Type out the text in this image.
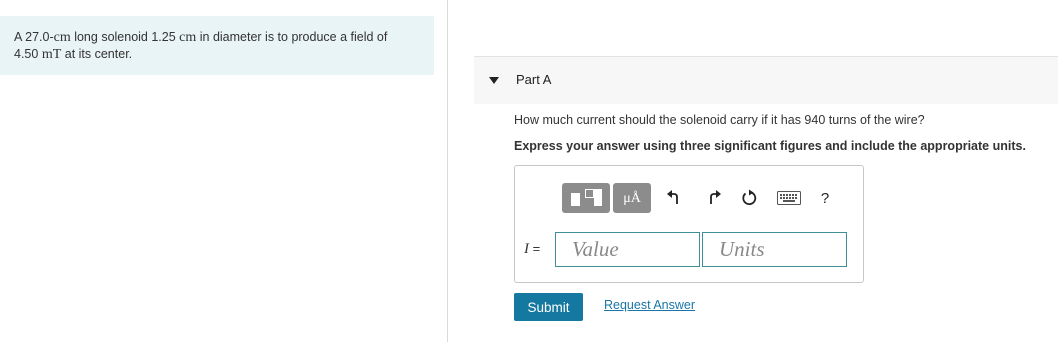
A 27.0-cm long solenoid 1.25 cm in diameter is to produce a field of
4.50 mT at its center.
Part A
How much current should the solenoid carry if it has 940 turns of the wire?
Express your answer using three significant figures and include the appropriate units.
μÅ	?
I =
Value
Units
Submit	Request Answer
